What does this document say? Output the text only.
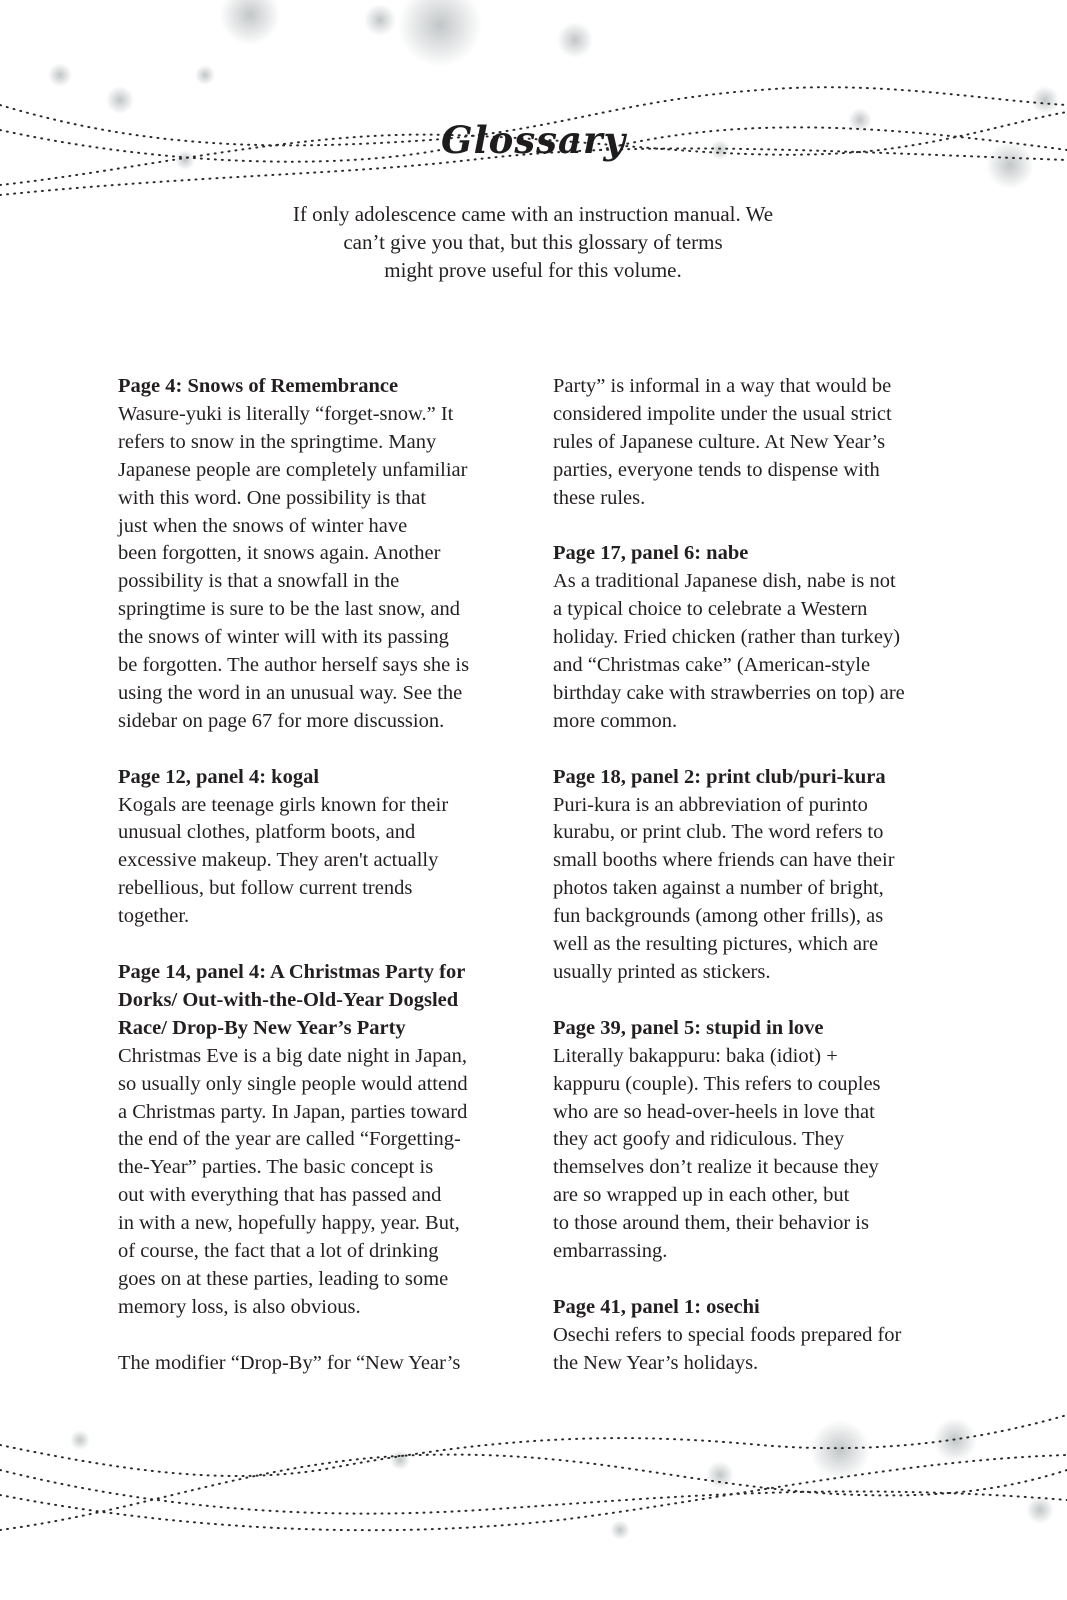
Glossary
If only adolescence came with an instruction manual. We
can’t give you that, but this glossary of terms
might prove useful for this volume.

Page 4: Snows of Remembrance

Wasure-yuki is literally “forget-snow.” It

refers to snow in the springtime. Many

Japanese people are completely unfamiliar

with this word. One possibility is that

just when the snows of winter have

been forgotten, it snows again. Another

possibility is that a snowfall in the

springtime is sure to be the last snow, and

the snows of winter will with its passing

be forgotten. The author herself says she is

using the word in an unusual way. See the

sidebar on page 67 for more discussion.

Page 12, panel 4: kogal

Kogals are teenage girls known for their

unusual clothes, platform boots, and

excessive makeup. They aren't actually

rebellious, but follow current trends

together.

Page 14, panel 4: A Christmas Party for

Dorks/ Out-with-the-Old-Year Dogsled

Race/ Drop-By New Year’s Party

Christmas Eve is a big date night in Japan,

so usually only single people would attend

a Christmas party. In Japan, parties toward

the end of the year are called “Forgetting-

the-Year” parties. The basic concept is

out with everything that has passed and

in with a new, hopefully happy, year. But,

of course, the fact that a lot of drinking

goes on at these parties, leading to some

memory loss, is also obvious.

The modifier “Drop-By” for “New Year’s

Party” is informal in a way that would be

considered impolite under the usual strict

rules of Japanese culture. At New Year’s

parties, everyone tends to dispense with

these rules.

Page 17, panel 6: nabe

As a traditional Japanese dish, nabe is not

a typical choice to celebrate a Western

holiday. Fried chicken (rather than turkey)

and “Christmas cake” (American-style

birthday cake with strawberries on top) are

more common.

Page 18, panel 2: print club/puri-kura

Puri-kura is an abbreviation of purinto

kurabu, or print club. The word refers to

small booths where friends can have their

photos taken against a number of bright,

fun backgrounds (among other frills), as

well as the resulting pictures, which are

usually printed as stickers.

Page 39, panel 5: stupid in love

Literally bakappuru: baka (idiot) +

kappuru (couple). This refers to couples

who are so head-over-heels in love that

they act goofy and ridiculous. They

themselves don’t realize it because they

are so wrapped up in each other, but

to those around them, their behavior is

embarrassing.

Page 41, panel 1: osechi

Osechi refers to special foods prepared for

the New Year’s holidays.
